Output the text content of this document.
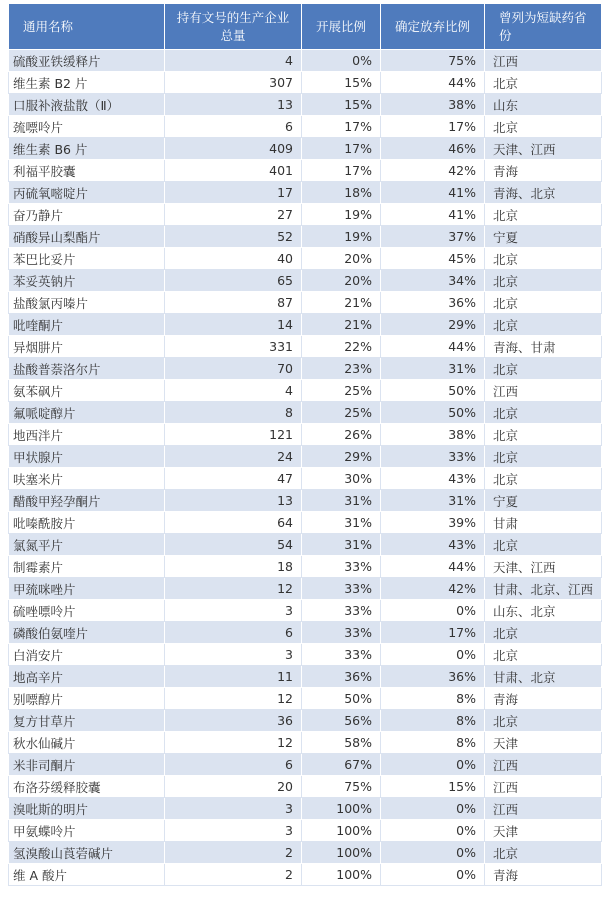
通用名称	持有文号的生产企业总量	开展比例	确定放弃比例	曾列为短缺药省份
硫酸亚铁缓释片	4	0%	75%	江西
维生素 B2 片	307	15%	44%	北京
口服补液盐散（Ⅱ）	13	15%	38%	山东
巯嘌呤片	6	17%	17%	北京
维生素 B6 片	409	17%	46%	天津、江西
利福平胶囊	401	17%	42%	青海
丙硫氧嘧啶片	17	18%	41%	青海、北京
奋乃静片	27	19%	41%	北京
硝酸异山梨酯片	52	19%	37%	宁夏
苯巴比妥片	40	20%	45%	北京
苯妥英钠片	65	20%	34%	北京
盐酸氯丙嗪片	87	21%	36%	北京
吡喹酮片	14	21%	29%	北京
异烟肼片	331	22%	44%	青海、甘肃
盐酸普萘洛尔片	70	23%	31%	北京
氨苯砜片	4	25%	50%	江西
氟哌啶醇片	8	25%	50%	北京
地西泮片	121	26%	38%	北京
甲状腺片	24	29%	33%	北京
呋塞米片	47	30%	43%	北京
醋酸甲羟孕酮片	13	31%	31%	宁夏
吡嗪酰胺片	64	31%	39%	甘肃
氯氮平片	54	31%	43%	北京
制霉素片	18	33%	44%	天津、江西
甲巯咪唑片	12	33%	42%	甘肃、北京、江西
硫唑嘌呤片	3	33%	0%	山东、北京
磷酸伯氨喹片	6	33%	17%	北京
白消安片	3	33%	0%	北京
地高辛片	11	36%	36%	甘肃、北京
别嘌醇片	12	50%	8%	青海
复方甘草片	36	56%	8%	北京
秋水仙碱片	12	58%	8%	天津
米非司酮片	6	67%	0%	江西
布洛芬缓释胶囊	20	75%	15%	江西
溴吡斯的明片	3	100%	0%	江西
甲氨蝶呤片	3	100%	0%	天津
氢溴酸山莨菪碱片	2	100%	0%	北京
维 A 酸片	2	100%	0%	青海
